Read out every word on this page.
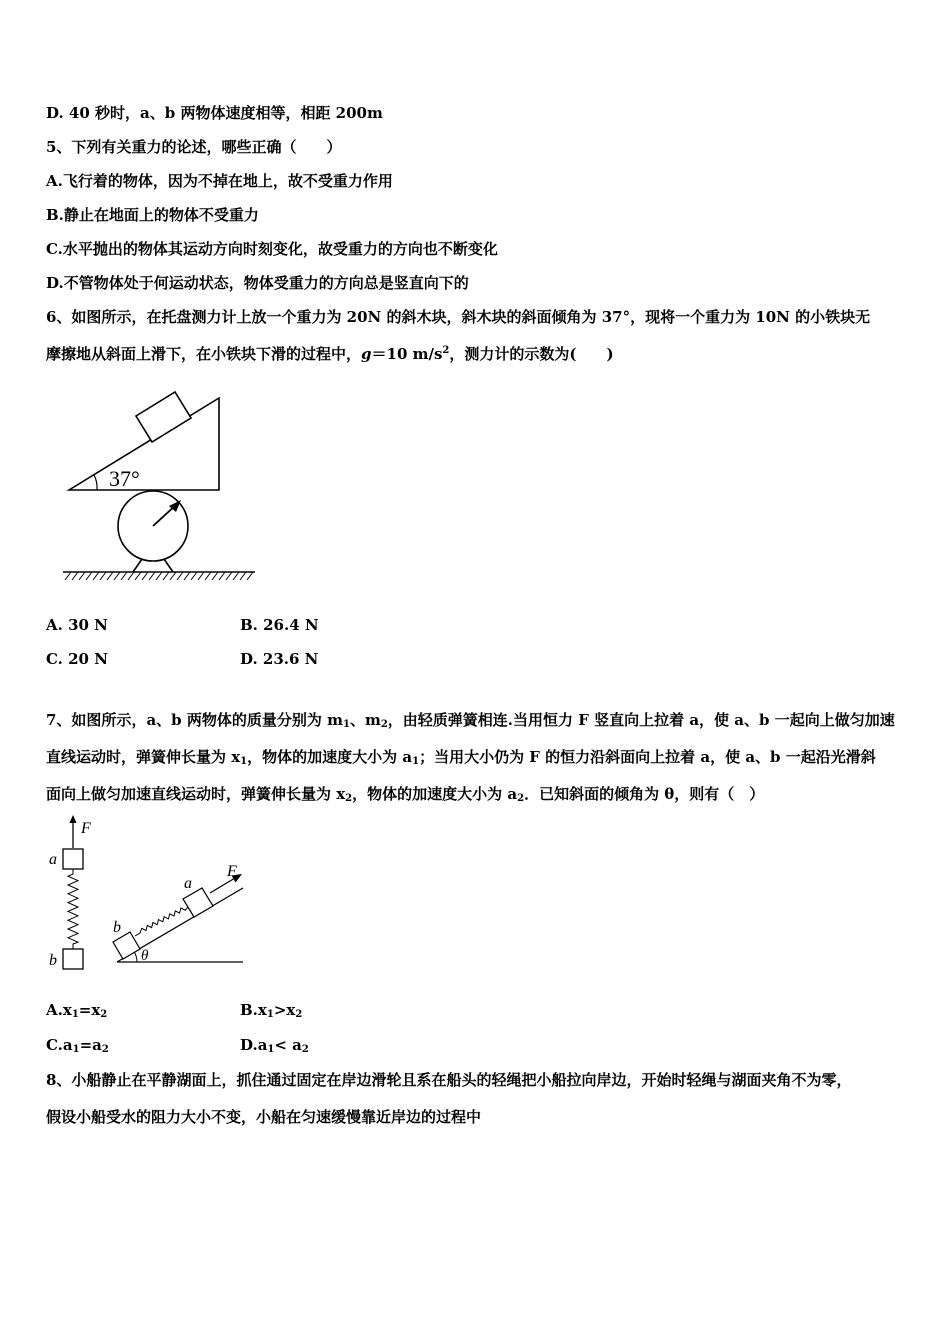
D. 40 秒时，a、b 两物体速度相等，相距 200m
5、下列有关重力的论述，哪些正确（　　）
A.飞行着的物体，因为不掉在地上，故不受重力作用
B.静止在地面上的物体不受重力
C.水平抛出的物体其运动方向时刻变化，故受重力的方向也不断变化
D.不管物体处于何运动状态，物体受重力的方向总是竖直向下的
6、如图所示，在托盘测力计上放一个重力为 20N 的斜木块，斜木块的斜面倾角为 37°，现将一个重力为 10N 的小铁块无
摩擦地从斜面上滑下，在小铁块下滑的过程中，g＝10 $m/s^2$，测力计的示数为(　　)
37°
A. 30 N	B. 26.4 N
C. 20 N	D. 23.6 N
7、如图所示，a、b 两物体的质量分别为 $m_1$、$m_2$，由轻质弹簧相连.当用恒力 F 竖直向上拉着 a，使 a、b 一起向上做匀加速
直线运动时，弹簧伸长量为 $x_1$，物体的加速度大小为 $a_1$；当用大小仍为 F 的恒力沿斜面向上拉着 a，使 a、b 一起沿光滑斜
面向上做匀加速直线运动时，弹簧伸长量为 $x_2$，物体的加速度大小为 $a_2$．已知斜面的倾角为 θ，则有（　）
F
a
b	θ
b
a
F
$A.x_1=x_2$	$B.x_1>x_2$
$C.a_1=a_2$	$D.a_1< a_2$
8、小船静止在平静湖面上，抓住通过固定在岸边滑轮且系在船头的轻绳把小船拉向岸边，开始时轻绳与湖面夹角不为零，
假设小船受水的阻力大小不变，小船在匀速缓慢靠近岸边的过程中
